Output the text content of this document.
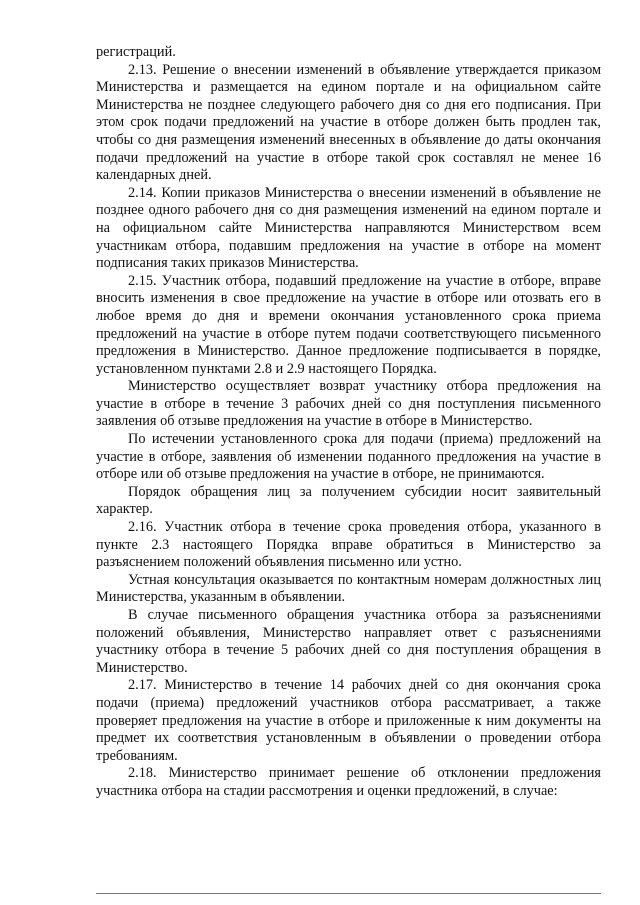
регистраций.

2.13. Решение о внесении изменений в объявление утверждается приказом Министерства и размещается на едином портале и на официальном сайте Министерства не позднее следующего рабочего дня со дня его подписания. При этом срок подачи предложений на участие в отборе должен быть продлен так, чтобы со дня размещения изменений внесенных в объявление до даты окончания подачи предложений на участие в отборе такой срок составлял не менее 16 календарных дней.

2.14. Копии приказов Министерства о внесении изменений в объявление не позднее одного рабочего дня со дня размещения изменений на едином портале и на официальном сайте Министерства направляются Министерством всем участникам отбора, подавшим предложения на участие в отборе на момент подписания таких приказов Министерства.

2.15. Участник отбора, подавший предложение на участие в отборе, вправе вносить изменения в свое предложение на участие в отборе или отозвать его в любое время до дня и времени окончания установленного срока приема предложений на участие в отборе путем подачи соответствующего письменного предложения в Министерство. Данное предложение подписывается в порядке, установленном пунктами 2.8 и 2.9 настоящего Порядка.

Министерство осуществляет возврат участнику отбора предложения на участие в отборе в течение 3 рабочих дней со дня поступления письменного заявления об отзыве предложения на участие в отборе в Министерство.

По истечении установленного срока для подачи (приема) предложений на участие в отборе, заявления об изменении поданного предложения на участие в отборе или об отзыве предложения на участие в отборе, не принимаются.

Порядок обращения лиц за получением субсидии носит заявительный характер.

2.16. Участник отбора в течение срока проведения отбора, указанного в пункте 2.3 настоящего Порядка вправе обратиться в Министерство за разъяснением положений объявления письменно или устно.

Устная консультация оказывается по контактным номерам должностных лиц Министерства, указанным в объявлении.

В случае письменного обращения участника отбора за разъяснениями положений объявления, Министерство направляет ответ с разъяснениями участнику отбора в течение 5 рабочих дней со дня поступления обращения в Министерство.

2.17. Министерство в течение 14 рабочих дней со дня окончания срока подачи (приема) предложений участников отбора рассматривает, а также проверяет предложения на участие в отборе и приложенные к ним документы на предмет их соответствия установленным в объявлении о проведении отбора требованиям.

2.18. Министерство принимает решение об отклонении предложения участника отбора на стадии рассмотрения и оценки предложений, в случае:
